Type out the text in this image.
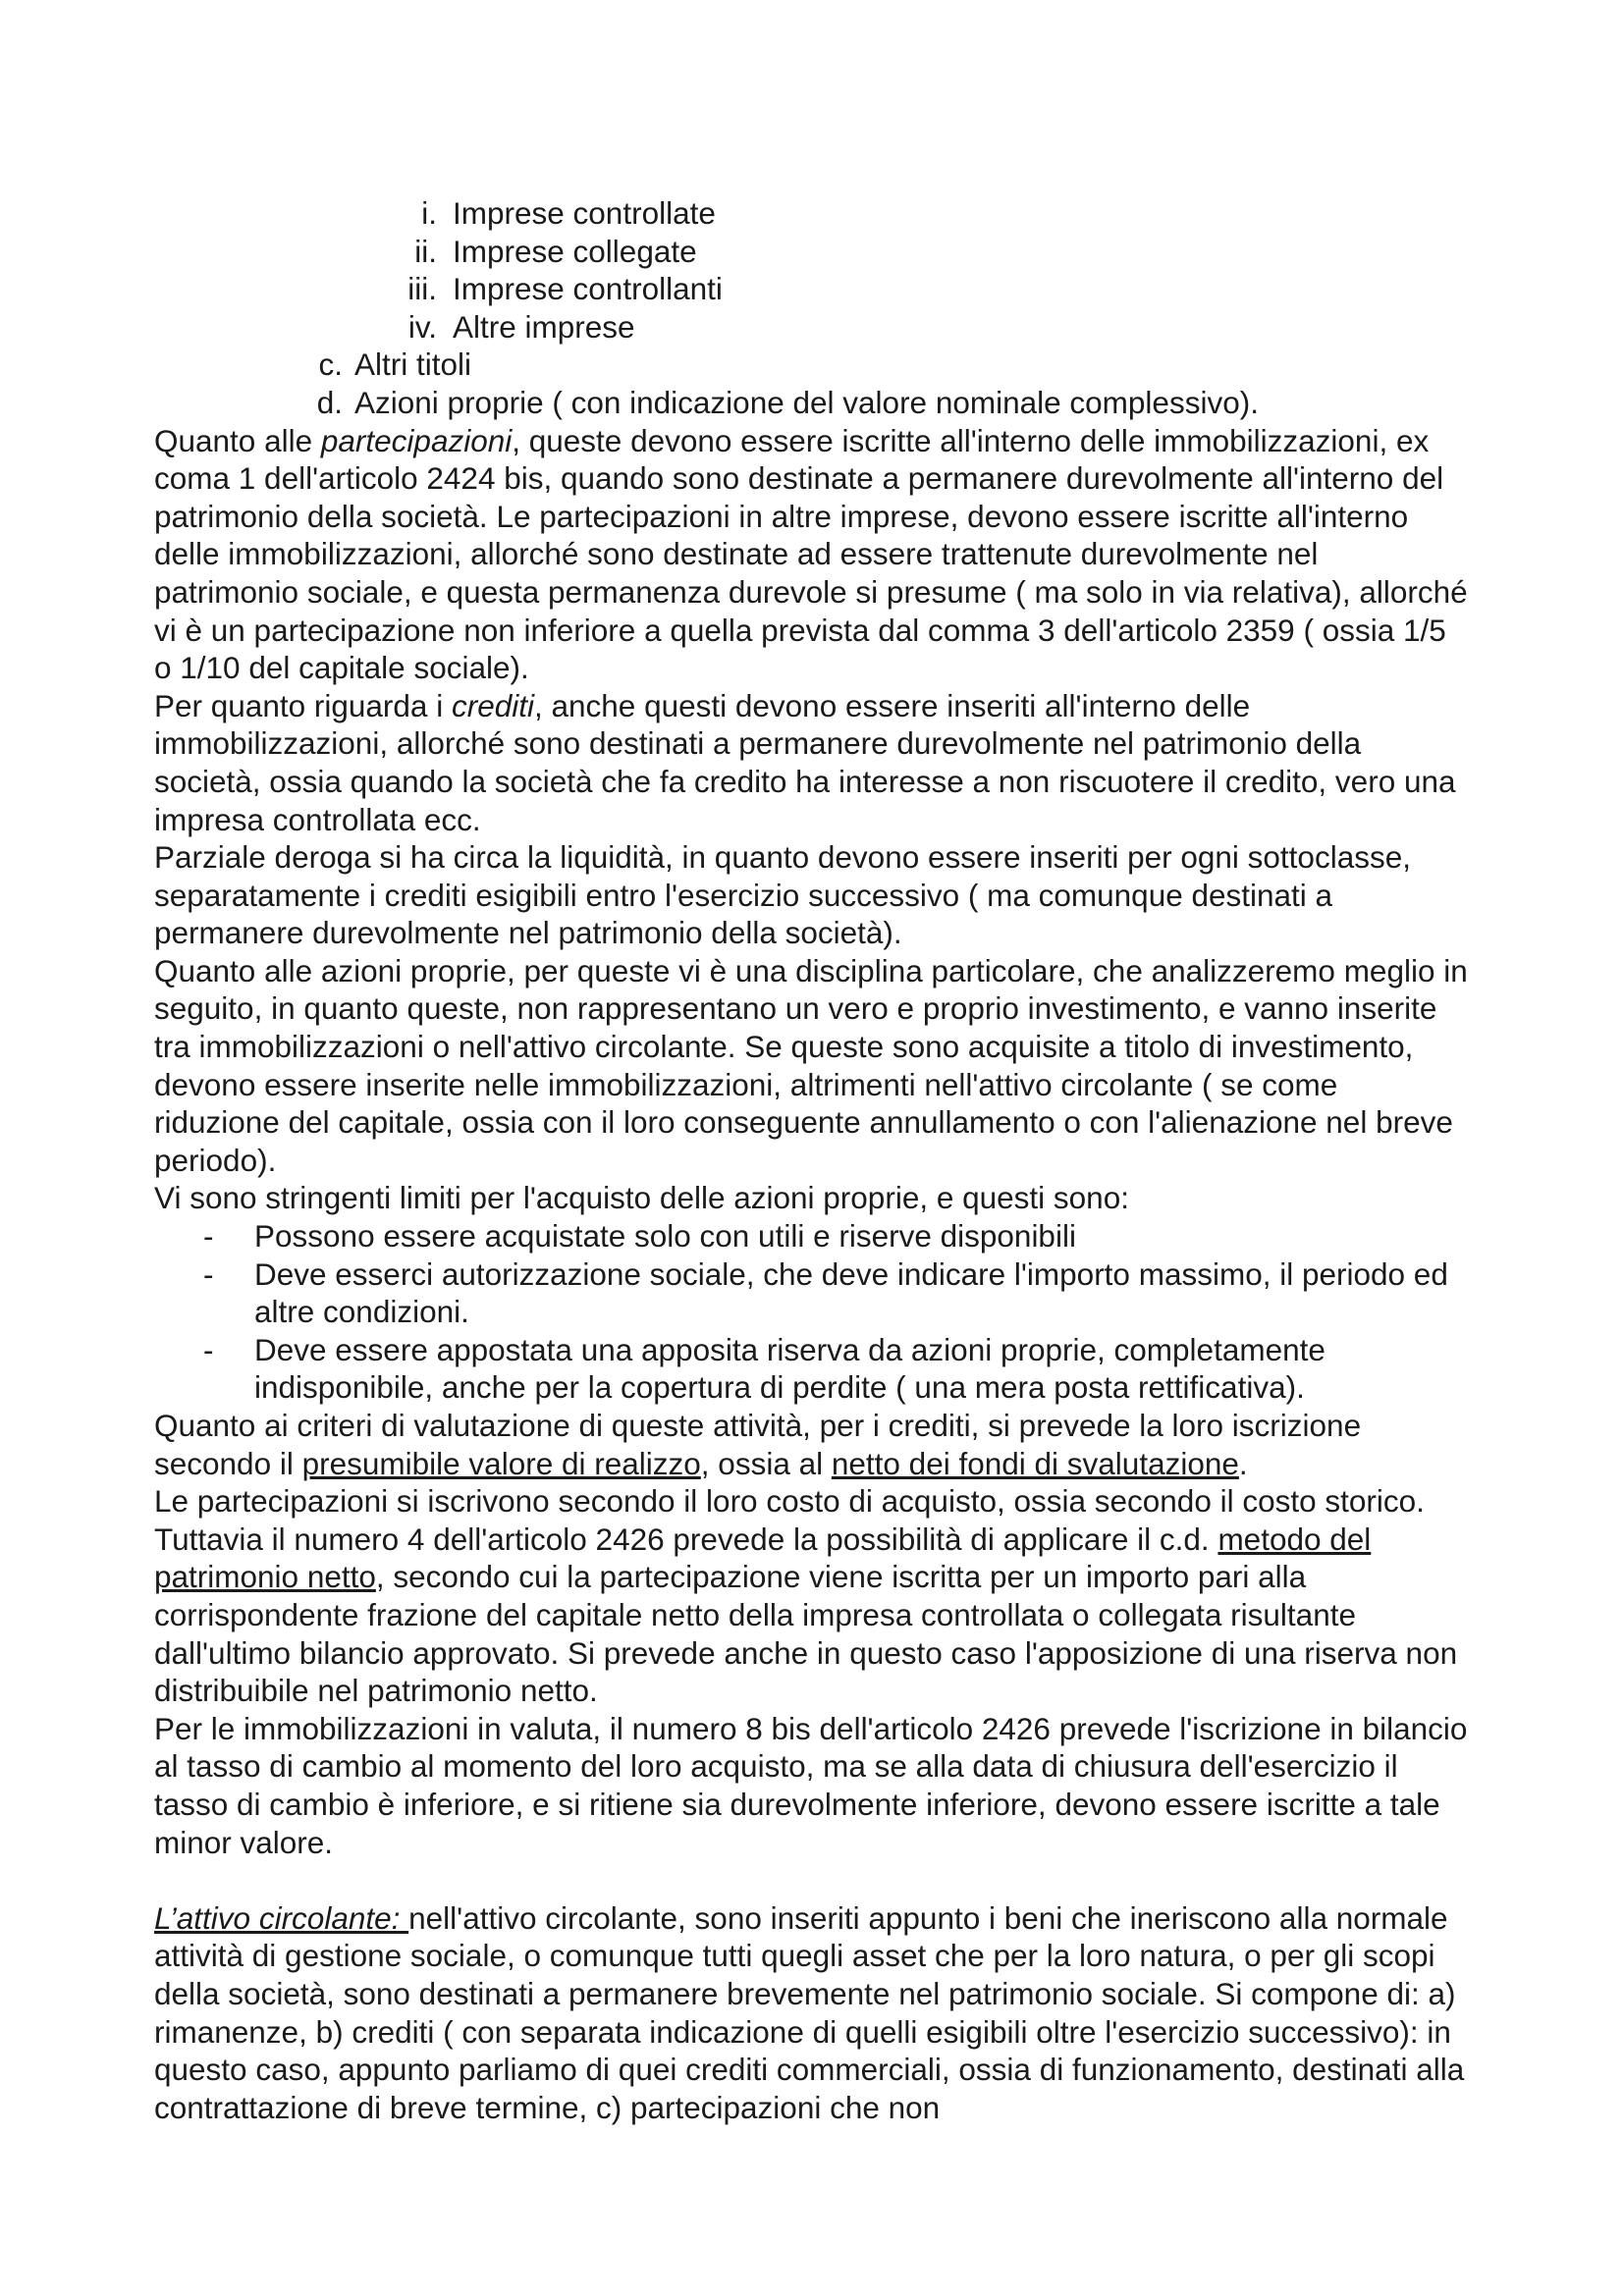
i. Imprese controllate
ii. Imprese collegate
iii. Imprese controllanti
iv. Altre imprese
c. Altri titoli
d. Azioni proprie ( con indicazione del valore nominale complessivo).

Quanto alle partecipazioni, queste devono essere iscritte all'interno delle immobilizzazioni, ex coma 1 dell'articolo 2424 bis, quando sono destinate a permanere durevolmente all'interno del patrimonio della società. Le partecipazioni in altre imprese, devono essere iscritte all'interno delle immobilizzazioni, allorché sono destinate ad essere trattenute durevolmente nel patrimonio sociale, e questa permanenza durevole si presume ( ma solo in via relativa), allorché vi è un partecipazione non inferiore a quella prevista dal comma 3 dell'articolo 2359 ( ossia 1/5 o 1/10 del capitale sociale).

Per quanto riguarda i crediti, anche questi devono essere inseriti all'interno delle immobilizzazioni, allorché sono destinati a permanere durevolmente nel patrimonio della società, ossia quando la società che fa credito ha interesse a non riscuotere il credito, vero una impresa controllata ecc.

Parziale deroga si ha circa la liquidità, in quanto devono essere inseriti per ogni sottoclasse, separatamente i crediti esigibili entro l'esercizio successivo ( ma comunque destinati a permanere durevolmente nel patrimonio della società).

Quanto alle azioni proprie, per queste vi è una disciplina particolare, che analizzeremo meglio in seguito, in quanto queste, non rappresentano un vero e proprio investimento, e vanno inserite tra immobilizzazioni o nell'attivo circolante. Se queste sono acquisite a titolo di investimento, devono essere inserite nelle immobilizzazioni, altrimenti nell'attivo circolante ( se come riduzione del capitale, ossia con il loro conseguente annullamento o con l'alienazione nel breve periodo).

Vi sono stringenti limiti per l'acquisto delle azioni proprie, e questi sono:

- Possono essere acquistate solo con utili e riserve disponibili
- Deve esserci autorizzazione sociale, che deve indicare l'importo massimo, il periodo ed altre condizioni.
- Deve essere appostata una apposita riserva da azioni proprie, completamente indisponibile, anche per la copertura di perdite ( una mera posta rettificativa).

Quanto ai criteri di valutazione di queste attività, per i crediti, si prevede la loro iscrizione secondo il presumibile valore di realizzo, ossia al netto dei fondi di svalutazione.

Le partecipazioni si iscrivono secondo il loro costo di acquisto, ossia secondo il costo storico. Tuttavia il numero 4 dell'articolo 2426 prevede la possibilità di applicare il c.d. metodo del patrimonio netto, secondo cui la partecipazione viene iscritta per un importo pari alla corrispondente frazione del capitale netto della impresa controllata o collegata risultante dall'ultimo bilancio approvato. Si prevede anche in questo caso l'apposizione di una riserva non distribuibile nel patrimonio netto.

Per le immobilizzazioni in valuta, il numero 8 bis dell'articolo 2426 prevede l'iscrizione in bilancio al tasso di cambio al momento del loro acquisto, ma se alla data di chiusura dell'esercizio il tasso di cambio è inferiore, e si ritiene sia durevolmente inferiore, devono essere iscritte a tale minor valore.

L’attivo circolante: nell'attivo circolante, sono inseriti appunto i beni che ineriscono alla normale attività di gestione sociale, o comunque tutti quegli asset che per la loro natura, o per gli scopi della società, sono destinati a permanere brevemente nel patrimonio sociale. Si compone di: a) rimanenze, b) crediti ( con separata indicazione di quelli esigibili oltre l'esercizio successivo): in questo caso, appunto parliamo di quei crediti commerciali, ossia di funzionamento, destinati alla contrattazione di breve termine, c) partecipazioni che non
